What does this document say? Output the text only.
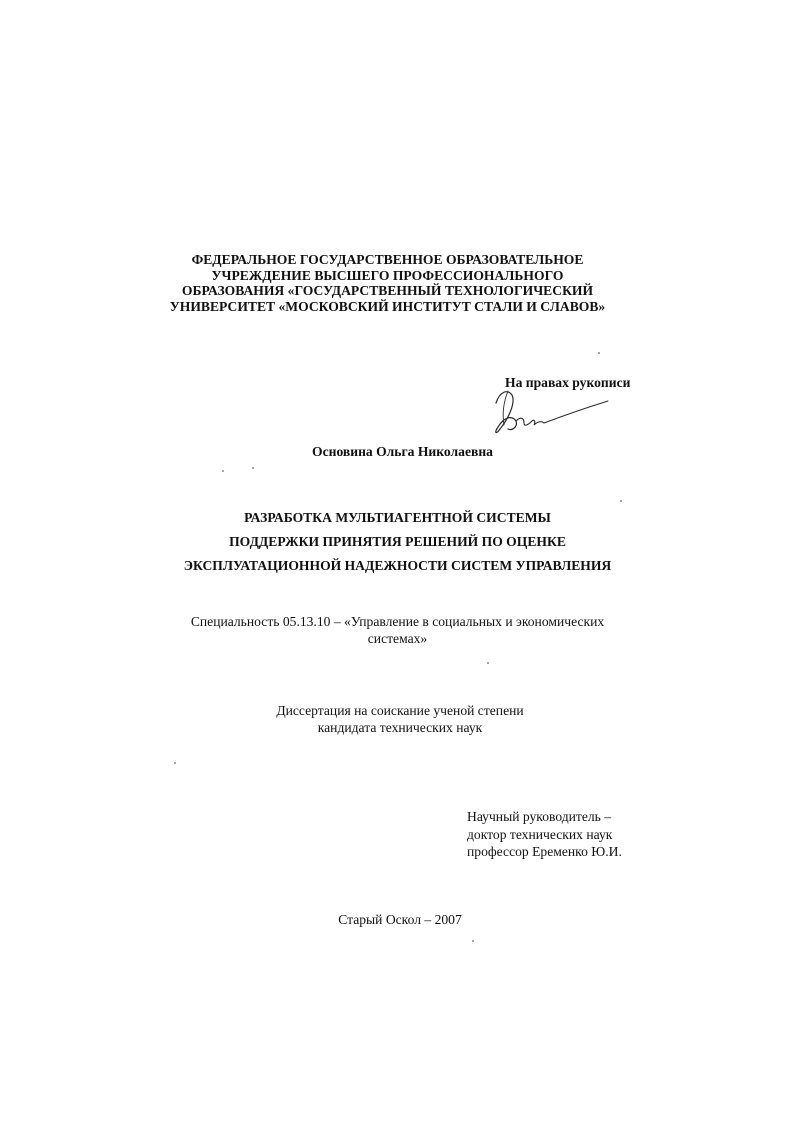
ФЕДЕРАЛЬНОЕ ГОСУДАРСТВЕННОЕ ОБРАЗОВАТЕЛЬНОЕ
УЧРЕЖДЕНИЕ ВЫСШЕГО ПРОФЕССИОНАЛЬНОГО
ОБРАЗОВАНИЯ «ГОСУДАРСТВЕННЫЙ ТЕХНОЛОГИЧЕСКИЙ
УНИВЕРСИТЕТ «МОСКОВСКИЙ ИНСТИТУТ СТАЛИ И СЛАВОВ»
На правах рукописи
Основина Ольга Николаевна
РАЗРАБОТКА МУЛЬТИАГЕНТНОЙ СИСТЕМЫ
ПОДДЕРЖКИ ПРИНЯТИЯ РЕШЕНИЙ ПО ОЦЕНКЕ
ЭКСПЛУАТАЦИОННОЙ НАДЕЖНОСТИ СИСТЕМ УПРАВЛЕНИЯ
Специальность 05.13.10 – «Управление в социальных и экономических
системах»
Диссертация на соискание ученой степени
кандидата технических наук
Научный руководитель –
доктор технических наук
профессор Еременко Ю.И.
Старый Оскол – 2007
